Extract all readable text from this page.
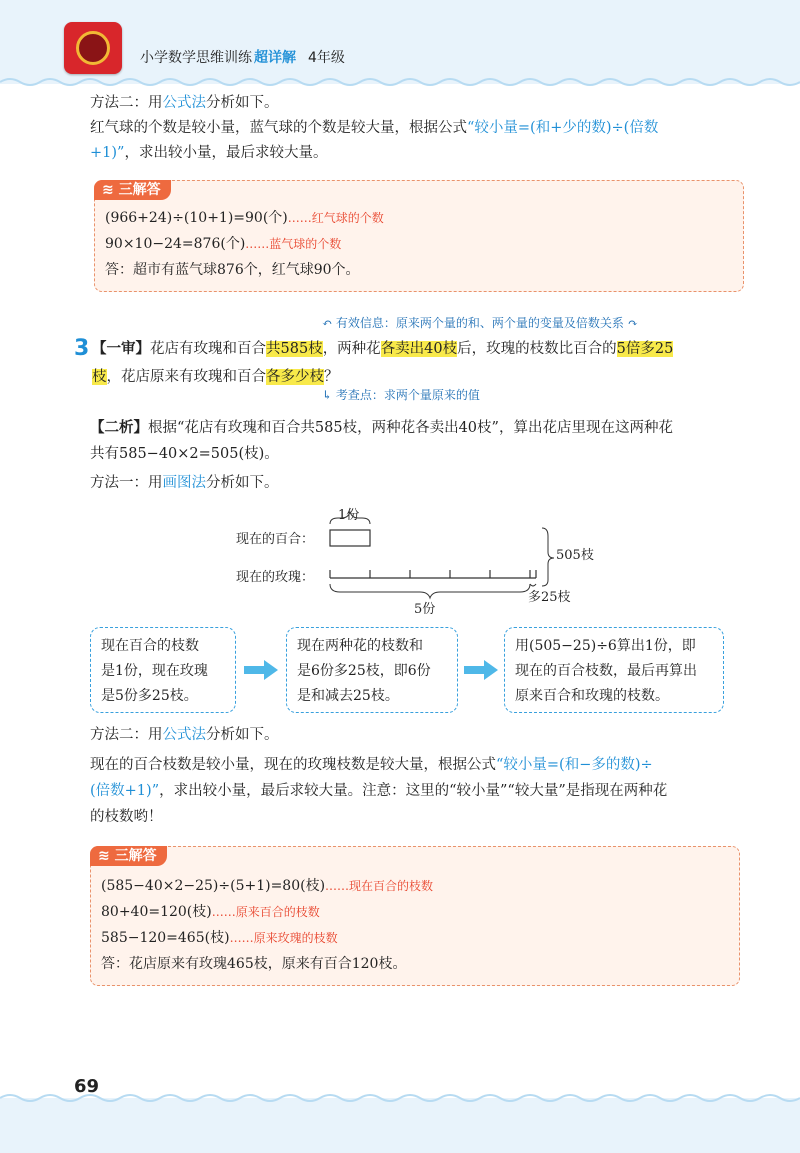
小学数学思维训练 超详解 4年级
方法二：用公式法分析如下。
红气球的个数是较小量，蓝气球的个数是较大量，根据公式“较小量=(和+少的数)÷(倍数
+1)”，求出较小量，最后求较大量。
≋ 三解答
(966+24)÷(10+1)=90(个)……红气球的个数
90×10−24=876(个)……蓝气球的个数
答：超市有蓝气球876个，红气球90个。
↶ 有效信息：原来两个量的和、两个量的变量及倍数关系 ↷
3 【一审】花店有玫瑰和百合共585枝，两种花各卖出40枝后，玫瑰的枝数比百合的5倍多25
枝，花店原来有玫瑰和百合各多少枝？
↳ 考查点：求两个量原来的值
【二析】根据“花店有玫瑰和百合共585枝，两种花各卖出40枝”，算出花店里现在这两种花
共有585−40×2=505(枝)。
方法一：用画图法分析如下。
1份
现在的百合：
现在的玫瑰：
505枝
5份
多25枝
现在百合的枝数
是1份，现在玫瑰
是5份多25枝。
现在两种花的枝数和
是6份多25枝，即6份
是和减去25枝。
用(505−25)÷6算出1份，即
现在的百合枝数，最后再算出
原来百合和玫瑰的枝数。
方法二：用公式法分析如下。
现在的百合枝数是较小量，现在的玫瑰枝数是较大量，根据公式“较小量=(和−多的数)÷
(倍数+1)”，求出较小量，最后求较大量。注意：这里的“较小量”“较大量”是指现在两种花
的枝数哟！
≋ 三解答
(585−40×2−25)÷(5+1)=80(枝)……现在百合的枝数
80+40=120(枝)……原来百合的枝数
585−120=465(枝)……原来玫瑰的枝数
答：花店原来有玫瑰465枝，原来有百合120枝。
69
